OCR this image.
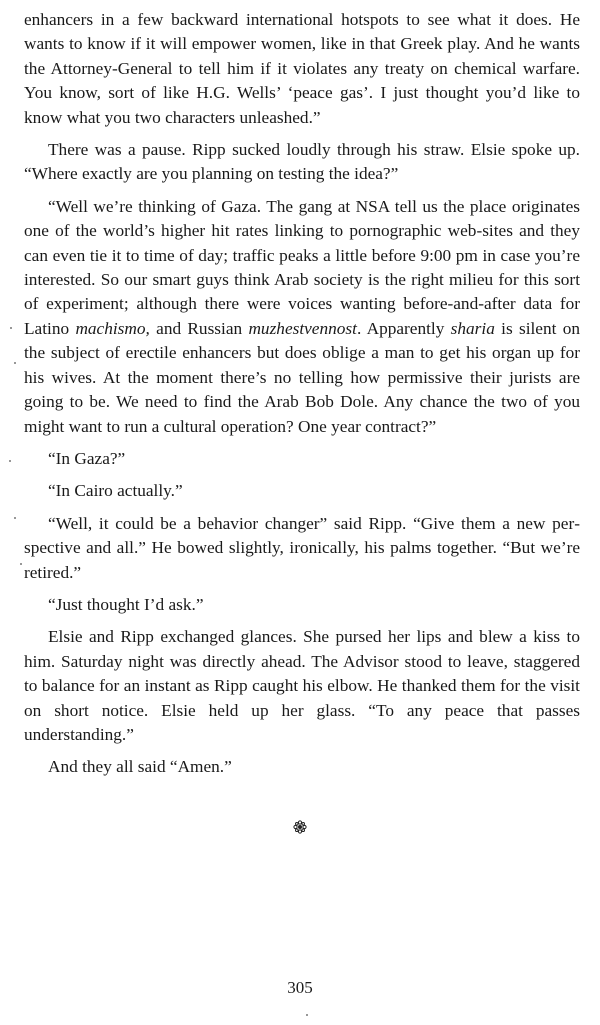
enhancers in a few backward international hotspots to see what it does. He wants to know if it will empower women, like in that Greek play. And he wants the Attorney-General to tell him if it violates any treaty on chemical warfare. You know, sort of like H.G. Wells’ ‘peace gas’. I just thought you’d like to know what you two characters unleashed.”

There was a pause. Ripp sucked loudly through his straw. Elsie spoke up. “Where exactly are you planning on testing the idea?”

“Well we’re thinking of Gaza. The gang at NSA tell us the place originates one of the world’s higher hit rates linking to pornographic web-sites and they can even tie it to time of day; traffic peaks a little before 9:00 pm in case you’re interested. So our smart guys think Arab society is the right milieu for this sort of experiment; although there were voices wanting before-and-after data for Latino machismo, and Russian muzhestvennost. Apparently sharia is silent on the subject of erectile enhancers but does oblige a man to get his organ up for his wives. At the moment there’s no telling how permissive their jurists are going to be. We need to find the Arab Bob Dole. Any chance the two of you might want to run a cultural operation? One year contract?”

“In Gaza?”

“In Cairo actually.”

“Well, it could be a behavior changer” said Ripp. “Give them a new perspective and all.” He bowed slightly, ironically, his palms together. “But we’re retired.”

“Just thought I’d ask.”

Elsie and Ripp exchanged glances. She pursed her lips and blew a kiss to him. Saturday night was directly ahead. The Advisor stood to leave, staggered to balance for an instant as Ripp caught his elbow. He thanked them for the visit on short notice. Elsie held up her glass. “To any peace that passes understanding.”

And they all said “Amen.”

305
